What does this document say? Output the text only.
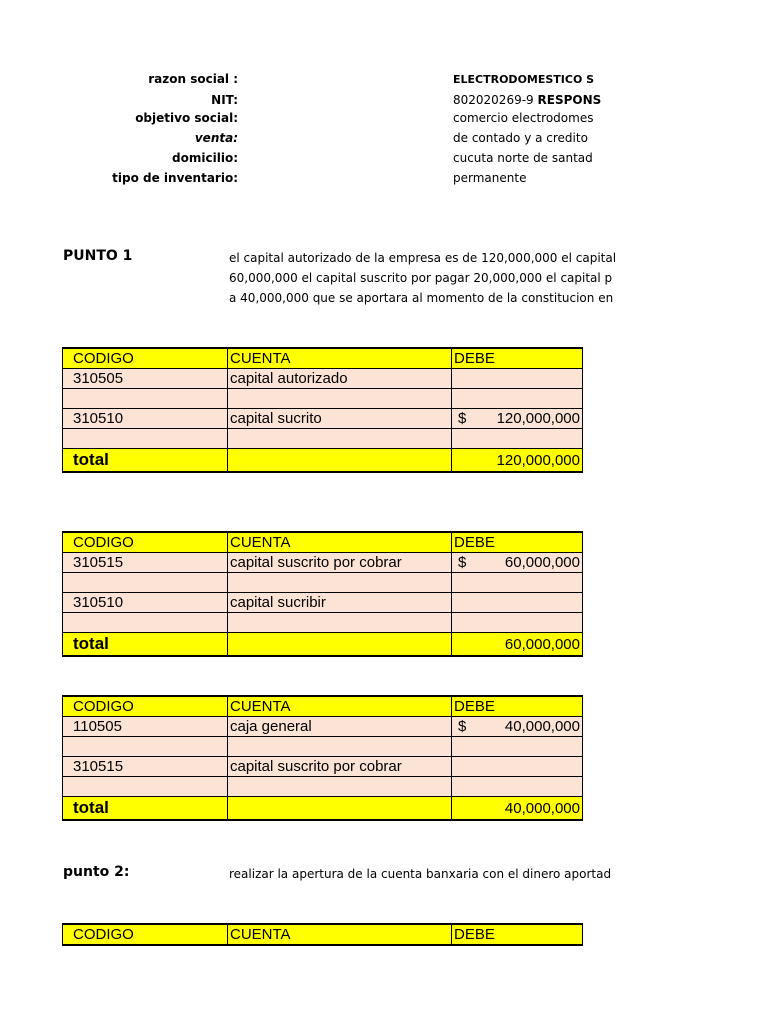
razon social :	ELECTRODOMESTICO S
NIT:	802020269-9 RESPONS
objetivo social:	comercio electrodomes
venta:	de contado y a credito
domicilio:	cucuta norte de santad
tipo de inventario:	permanente
PUNTO 1	el capital autorizado de la empresa es de 120,000,000 el capital
60,000,000 el capital suscrito por pagar 20,000,000 el capital p
a 40,000,000 que se aportara al momento de la constitucion en
CODIGO	CUENTA	DEBE
310505	capital autorizado	

310510	capital sucrito	$ 120,000,000

total		120,000,000
CODIGO	CUENTA	DEBE
310515	capital suscrito por cobrar	$ 60,000,000

310510	capital sucribir	

total		60,000,000
CODIGO	CUENTA	DEBE
110505	caja general	$ 40,000,000

310515	capital suscrito por cobrar	

total		40,000,000
punto 2:	realizar la apertura de la cuenta banxaria con el dinero aportad
CODIGO	CUENTA	DEBE
